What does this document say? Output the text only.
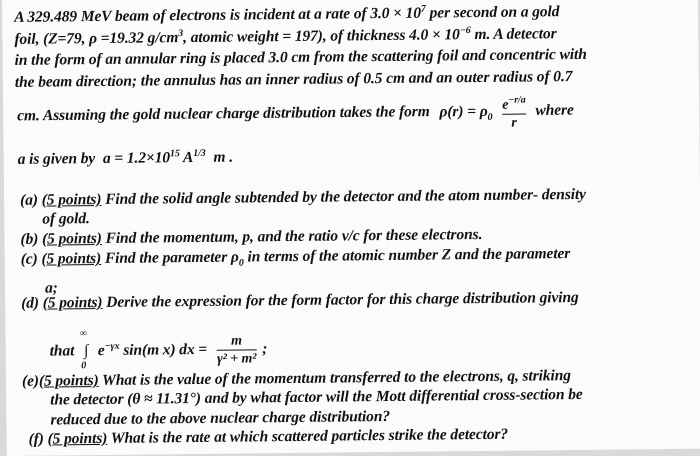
A 329.489 MeV beam of electrons is incident at a rate of $3.0 \times 10^7$ per second on a gold
foil, (Z=79, ρ =19.32 $g/cm^3$, atomic weight = 197), of thickness $4.0 \times 10^{-6}$ m. A detector
in the form of an annular ring is placed 3.0 cm from the scattering foil and concentric with
the beam direction; the annulus has an inner radius of 0.5 cm and an outer radius of 0.7
cm. Assuming the gold nuclear charge distribution takes the form $\rho(r) = \rho_0 \frac{e^{-r/a}}{r}$ where
a is given by $a = 1.2\times 10^{15}$ $A^{1/3}$ m .
(a) (5 points) Find the solid angle subtended by the detector and the atom number- density
of gold.
(b) (5 points) Find the momentum, p, and the ratio v/c for these electrons.
(c) (5 points) Find the parameter $\rho_0$ in terms of the atomic number Z and the parameter
a;
(d) (5 points) Derive the expression for the form factor for this charge distribution giving
that ∫
∞
0
$e^{-\gamma x}$ sin(m x) dx = $\frac{m}{\text{γ² + m²}}$ ;
(e)(5 points) What is the value of the momentum transferred to the electrons, q, striking
the detector (θ ≈ 11.31°) and by what factor will the Mott differential cross-section be
reduced due to the above nuclear charge distribution?
(f) (5 points) What is the rate at which scattered particles strike the detector?
